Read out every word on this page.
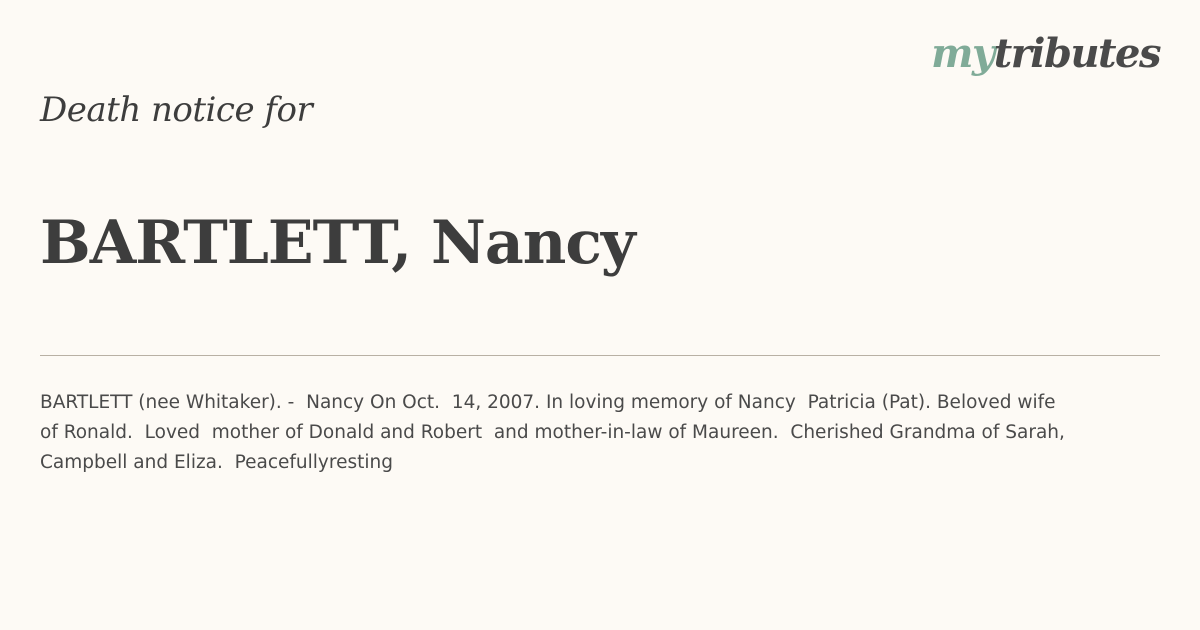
mytributes
Death notice for
BARTLETT, Nancy

BARTLETT (nee Whitaker). -  Nancy On Oct.  14, 2007. In loving memory of Nancy  Patricia (Pat). Beloved wife
of Ronald.  Loved  mother of Donald and Robert  and mother-in-law of Maureen.  Cherished Grandma of Sarah,
Campbell and Eliza.  Peacefullyresting
